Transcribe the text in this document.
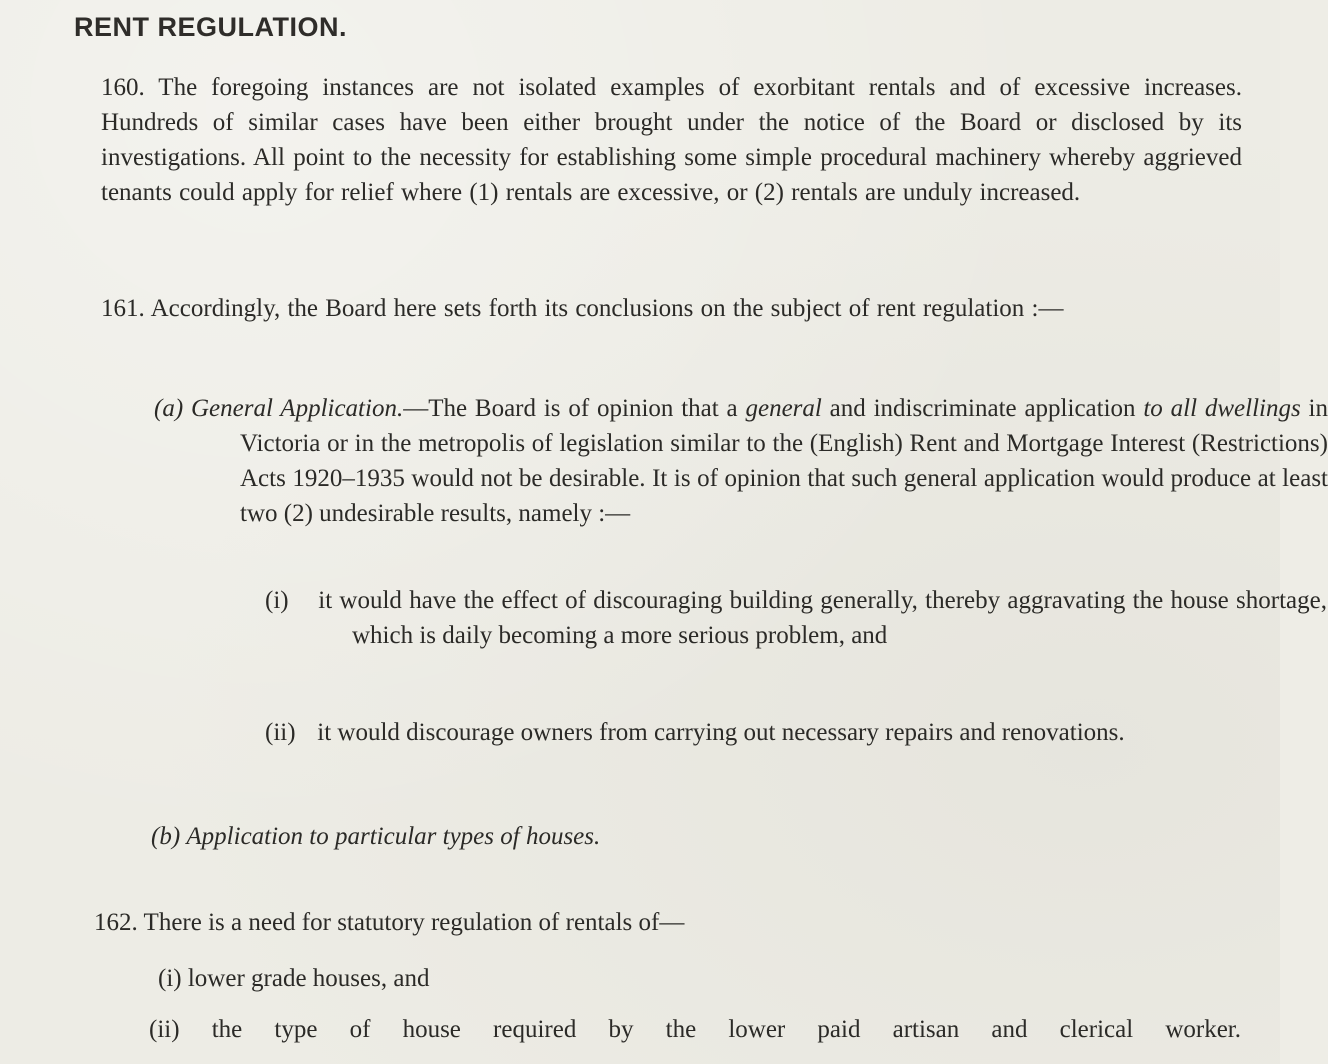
RENT REGULATION.
160. The foregoing instances are not isolated examples of exorbitant rentals and of excessive increases. Hundreds of similar cases have been either brought under the notice of the Board or disclosed by its investigations. All point to the necessity for establishing some simple procedural machinery whereby aggrieved tenants could apply for relief where (1) rentals are excessive, or (2) rentals are unduly increased.
161. Accordingly, the Board here sets forth its conclusions on the subject of rent regulation :—
(a) General Application.—The Board is of opinion that a general and indiscriminate application to all dwellings in Victoria or in the metropolis of legislation similar to the (English) Rent and Mortgage Interest (Restrictions) Acts 1920–1935 would not be desirable. It is of opinion that such general application would produce at least two (2) undesirable results, namely :—
(i) it would have the effect of discouraging building generally, thereby aggravating the house shortage, which is daily becoming a more serious problem, and
(ii) it would discourage owners from carrying out necessary repairs and renovations.
(b) Application to particular types of houses.
162. There is a need for statutory regulation of rentals of—
(i) lower grade houses, and
(ii) the type of house required by the lower paid artisan and clerical worker.
